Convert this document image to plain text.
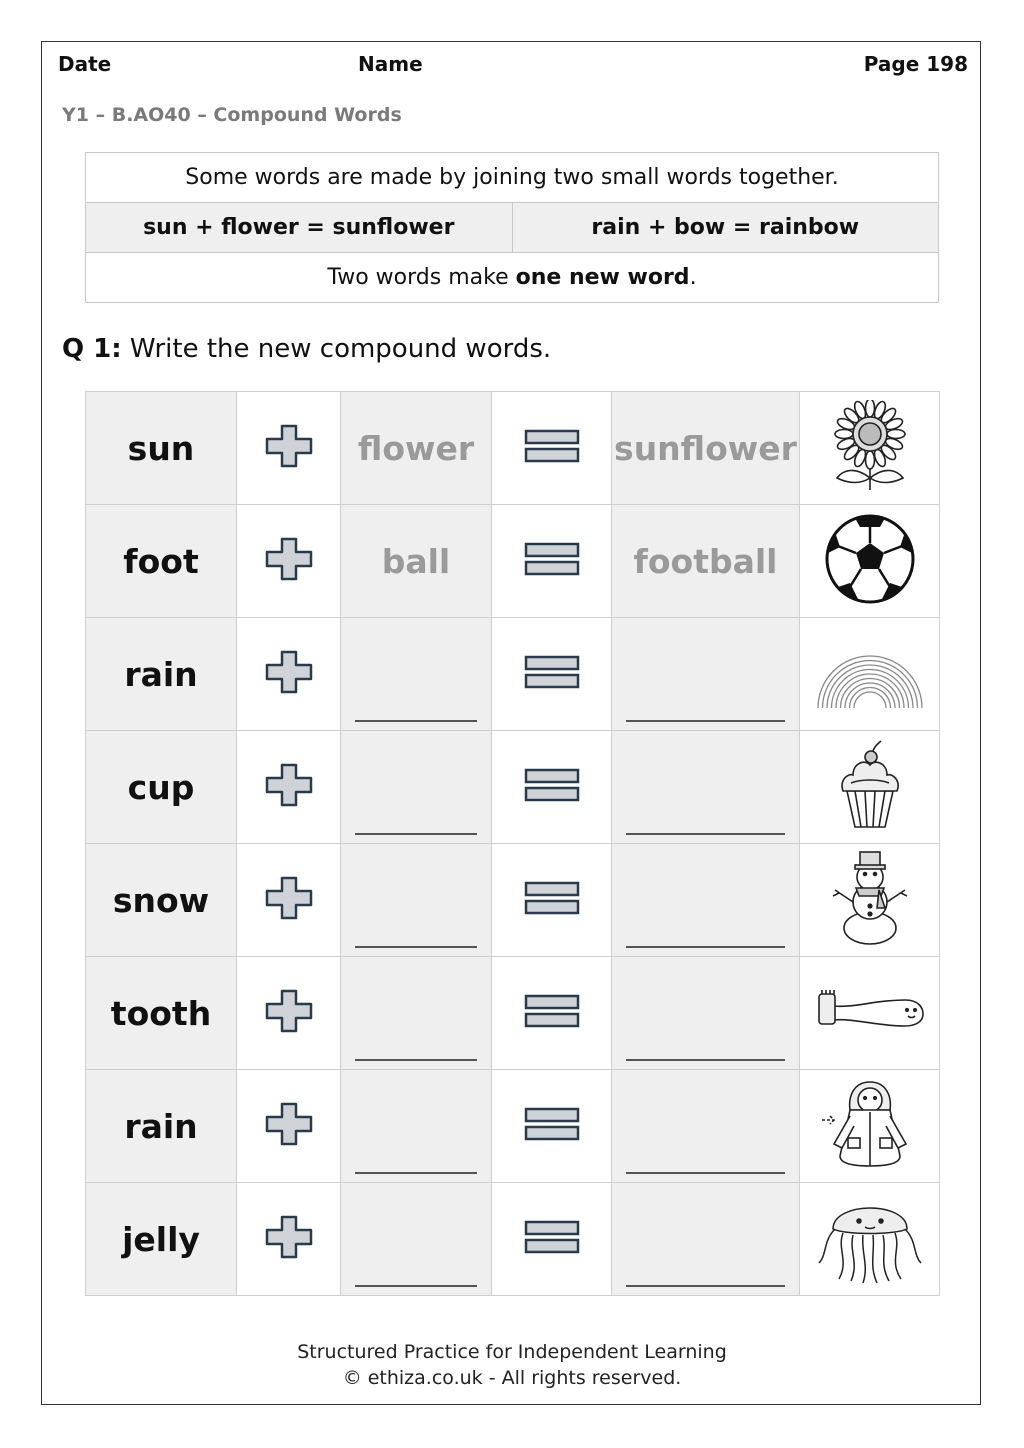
Date	Name	Page 198
Y1 – B.AO40 – Compound Words
Some words are made by joining two small words together.
sun + flower = sunflower	rain + bow = rainbow
Two words make one new word.
Q 1: Write the new compound words.
sun		flower		sunflower	
foot		ball		football	
rain		

cup		

snow		

tooth		

rain		

jelly		

Structured Practice for Independent Learning
© ethiza.co.uk - All rights reserved.
